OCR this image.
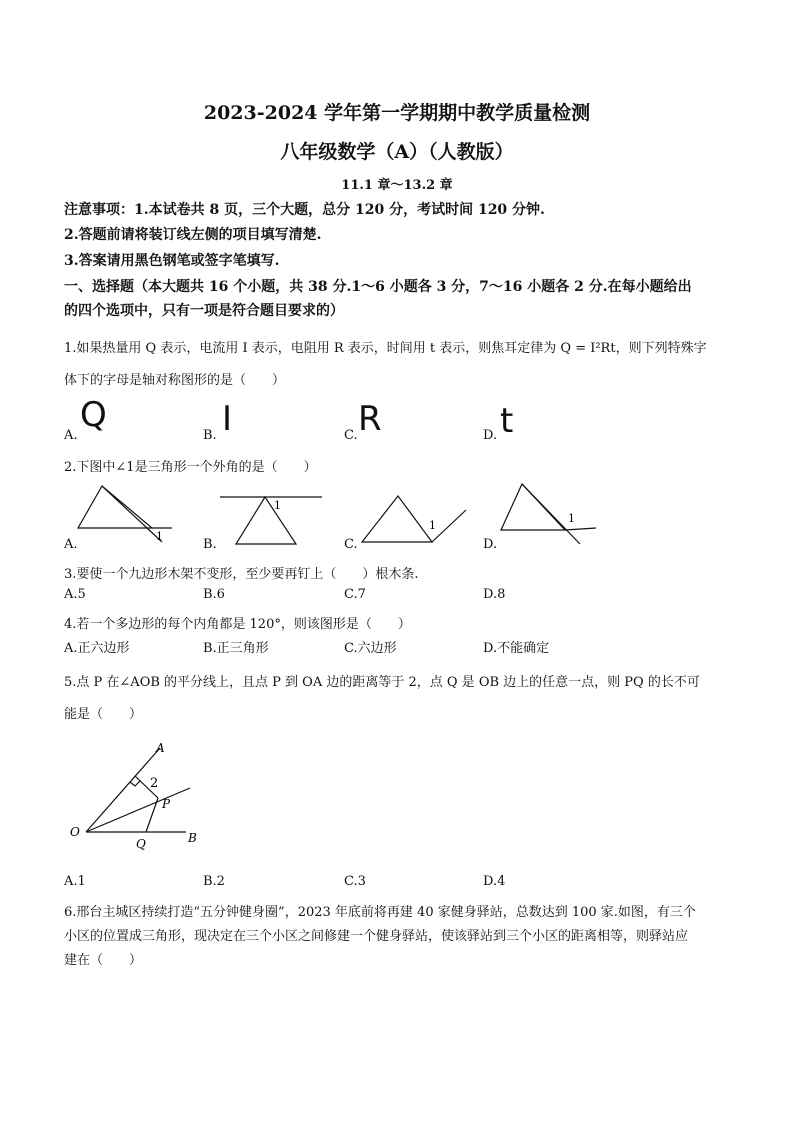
2023-2024 学年第一学期期中教学质量检测
八年级数学（A）（人教版）
11.1 章～13.2 章
注意事项：1.本试卷共 8 页，三个大题，总分 120 分，考试时间 120 分钟.
2.答题前请将装订线左侧的项目填写清楚.
3.答案请用黑色钢笔或签字笔填写.
一、选择题（本大题共 16 个小题，共 38 分.1～6 小题各 3 分，7～16 小题各 2 分.在每小题给出
的四个选项中，只有一项是符合题目要求的）
1.如果热量用 Q 表示，电流用 I 表示，电阻用 R 表示，时间用 t 表示，则焦耳定律为 Q = I²Rt，则下列特殊字
体下的字母是轴对称图形的是（　　）
A.
Q
B. I	C. R	D. t
2.下图中∠1是三角形一个外角的是（　　）
1
1
1
1
A.	B.	C.	D.
3.要使一个九边形木架不变形，至少要再钉上（　　）根木条.
A.5	B.6	C.7	D.8
4.若一个多边形的每个内角都是 120°，则该图形是（　　）
A.正六边形	B.正三角形	C.六边形	D.不能确定
5.点 P 在∠AOB 的平分线上，且点 P 到 OA 边的距离等于 2，点 Q 是 OB 边上的任意一点，则 PQ 的长不可
能是（　　）
A
2
P
O
Q	B
A.1	B.2	C.3	D.4
6.邢台主城区持续打造“五分钟健身圈”，2023 年底前将再建 40 家健身驿站，总数达到 100 家.如图，有三个
小区的位置成三角形，现决定在三个小区之间修建一个健身驿站，使该驿站到三个小区的距离相等，则驿站应
建在（　　）
